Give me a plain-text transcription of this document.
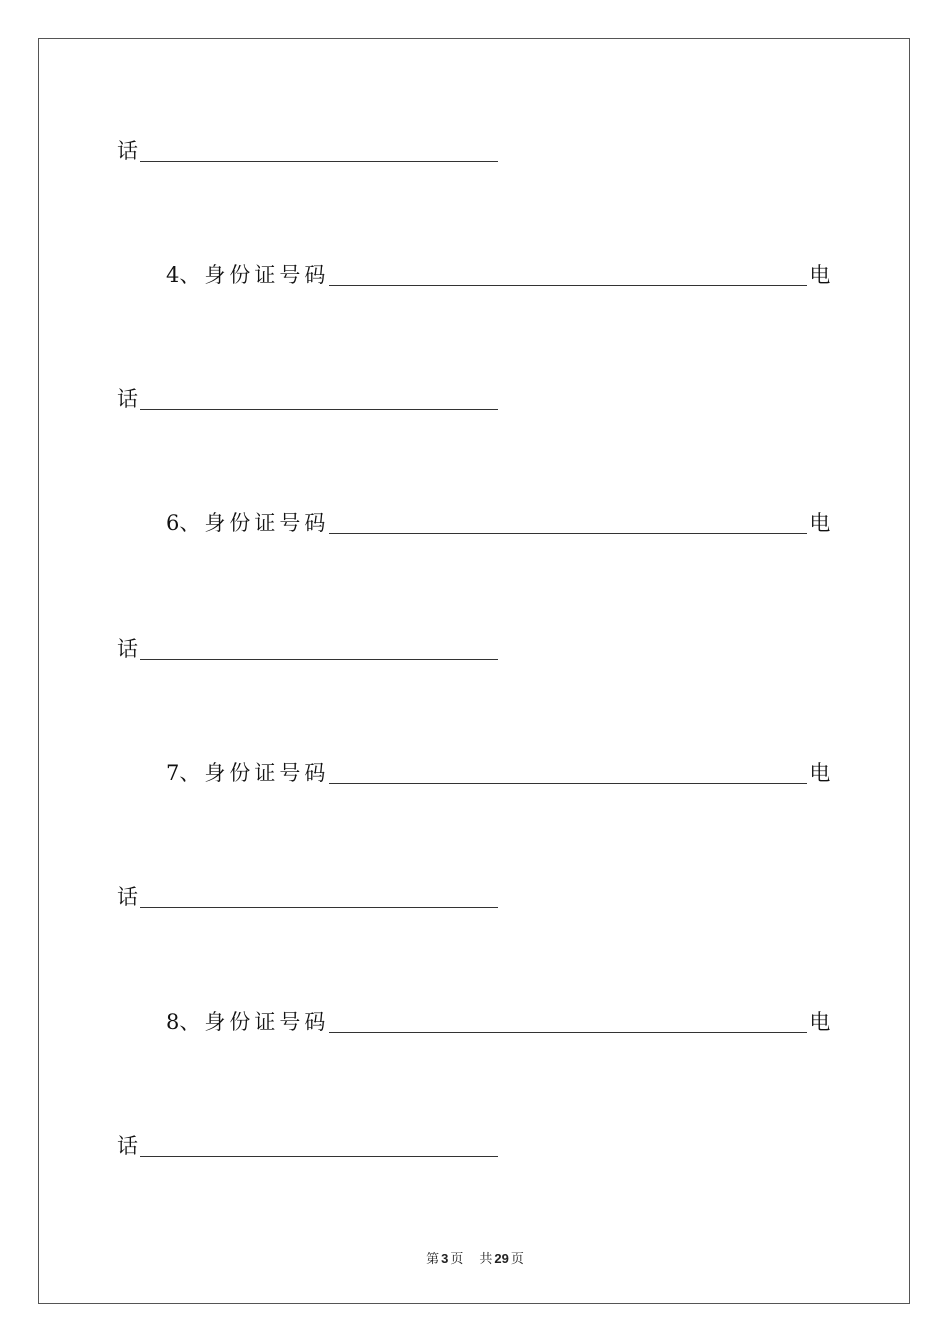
话
4 、 身份证号码	电
话
6 、 身份证号码	电
话
7 、 身份证号码	电
话
8 、 身份证号码	电
话
第 3 页 共 29 页
